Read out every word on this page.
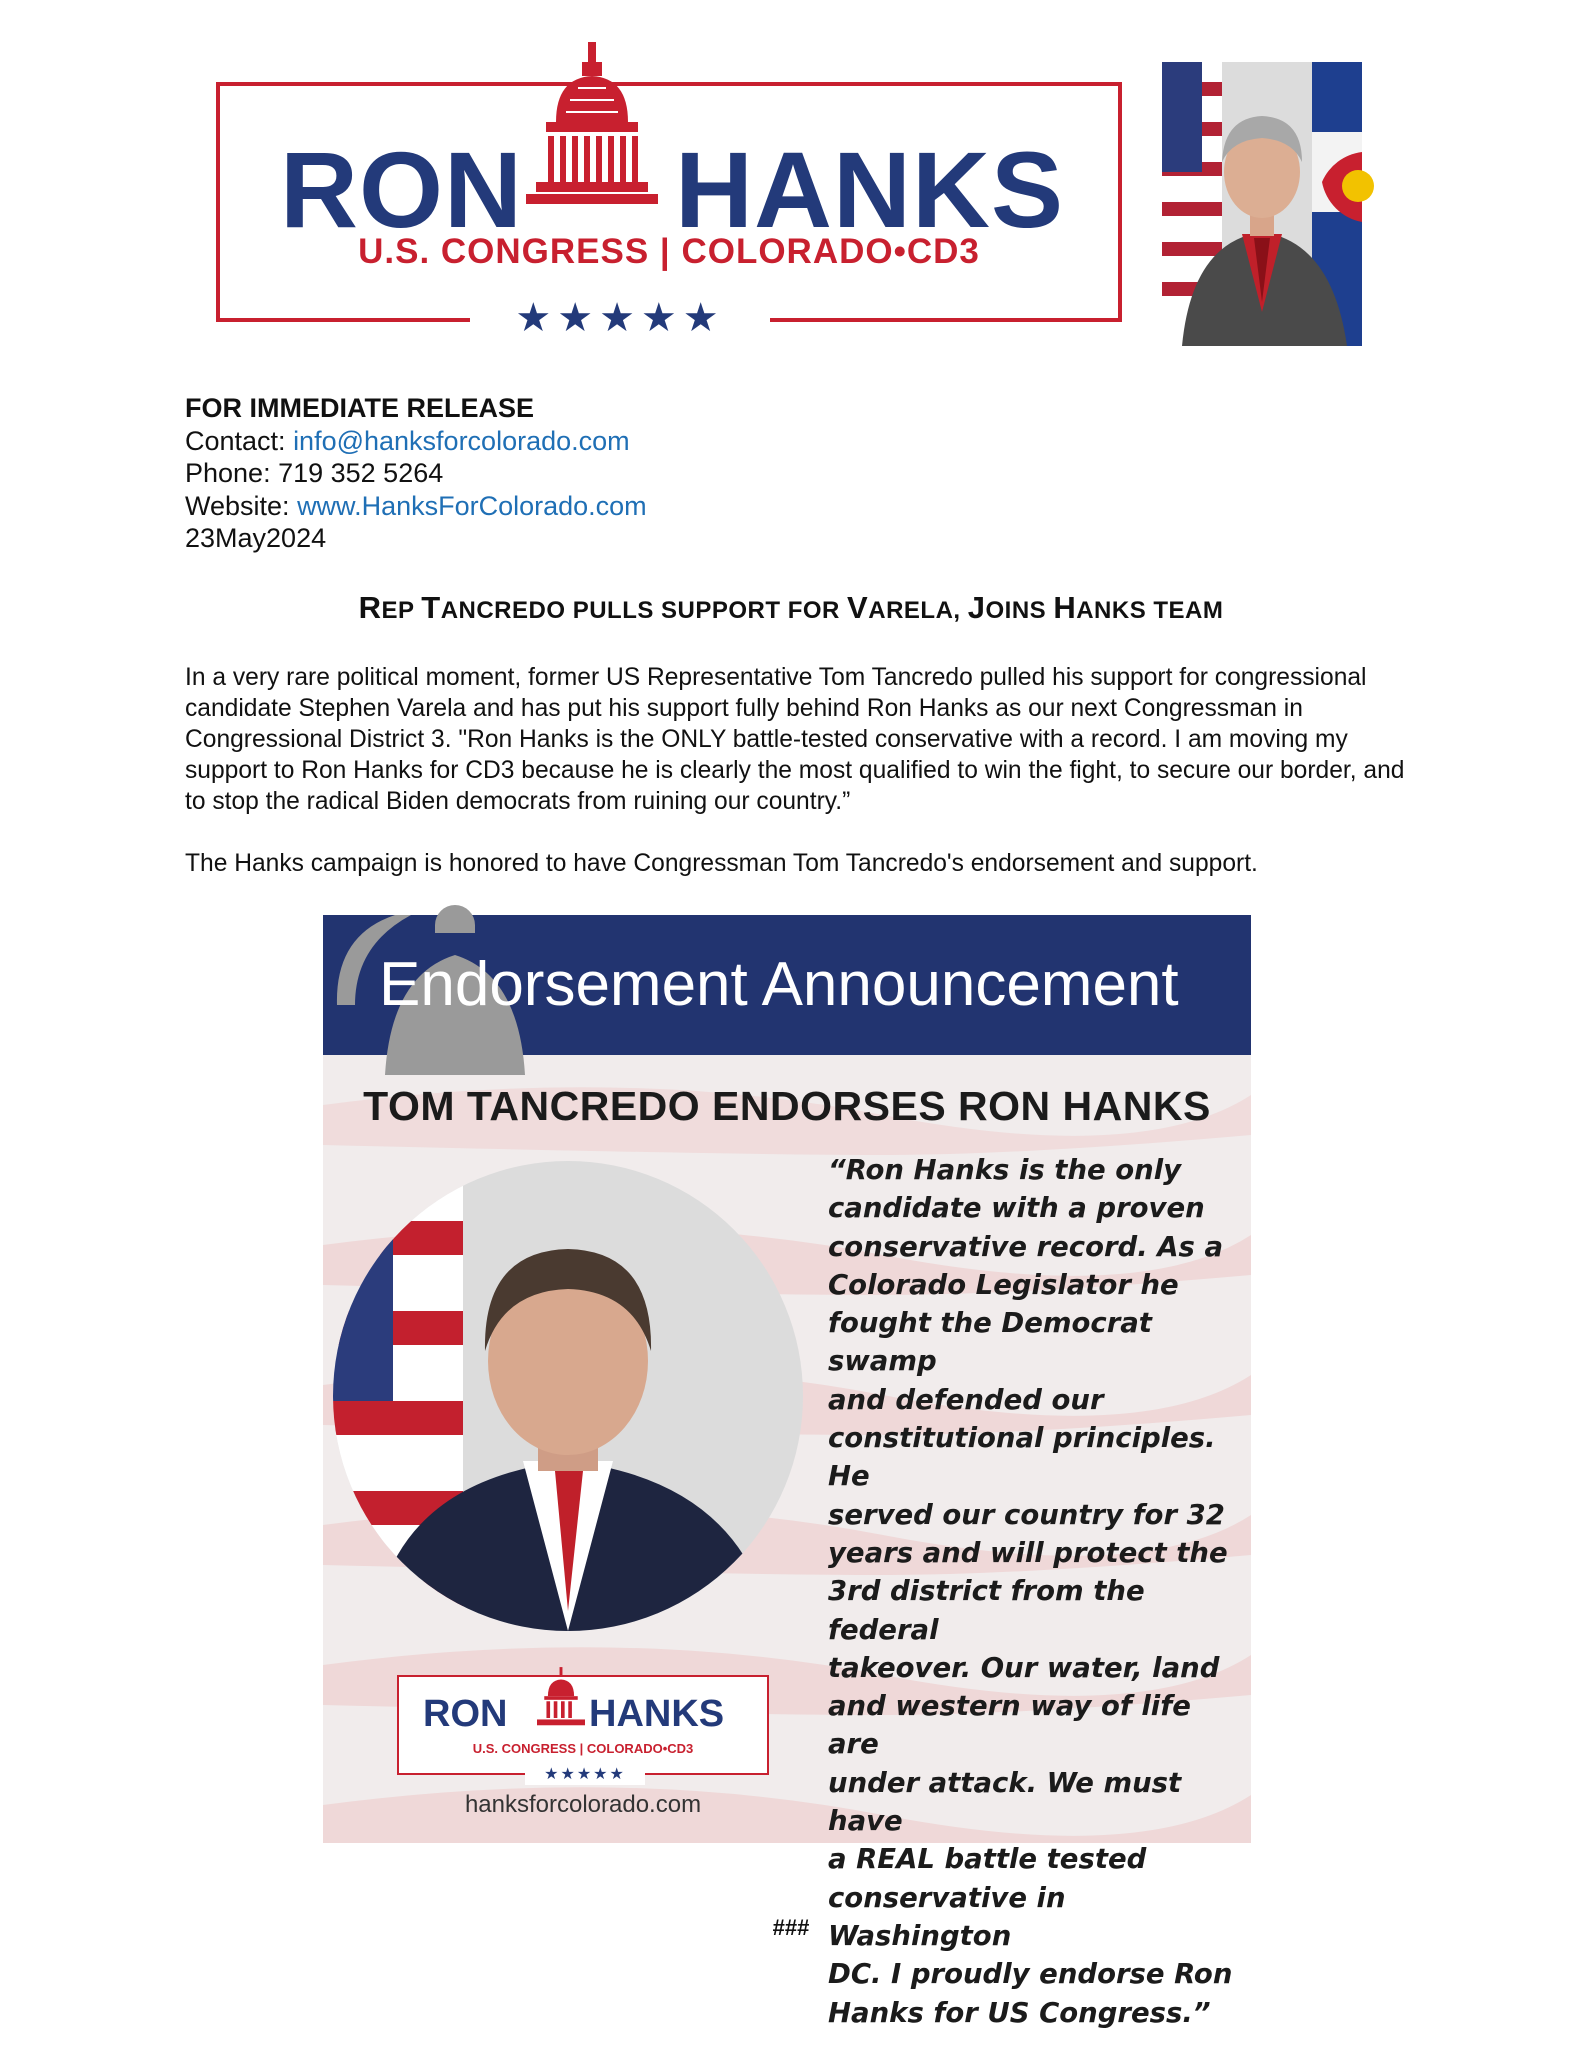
RON HANKS
U.S. CONGRESS | COLORADO•CD3
★★★★★
FOR IMMEDIATE RELEASE
Contact: info@hanksforcolorado.com
Phone: 719 352 5264
Website: www.HanksForColorado.com
23May2024
REP TANCREDO PULLS SUPPORT FOR VARELA, JOINS HANKS TEAM
In a very rare political moment, former US Representative Tom Tancredo pulled his support for congressional candidate Stephen Varela and has put his support fully behind Ron Hanks as our next Congressman in Congressional District 3. "Ron Hanks is the ONLY battle-tested conservative with a record. I am moving my support to Ron Hanks for CD3 because he is clearly the most qualified to win the fight, to secure our border, and to stop the radical Biden democrats from ruining our country.”
The Hanks campaign is honored to have Congressman Tom Tancredo's endorsement and support.
Endorsement Announcement
TOM TANCREDO ENDORSES RON HANKS
“Ron Hanks is the only
candidate with a proven
conservative record. As a
Colorado Legislator he
fought the Democrat swamp
and defended our
constitutional principles. He
served our country for 32
years and will protect the
3rd district from the federal
takeover. Our water, land
and western way of life are
under attack. We must have
a REAL battle tested
conservative in Washington
DC. I proudly endorse Ron
Hanks for US Congress.”
RON HANKS
U.S. CONGRESS | COLORADO•CD3
★★★★★
hanksforcolorado.com
###
